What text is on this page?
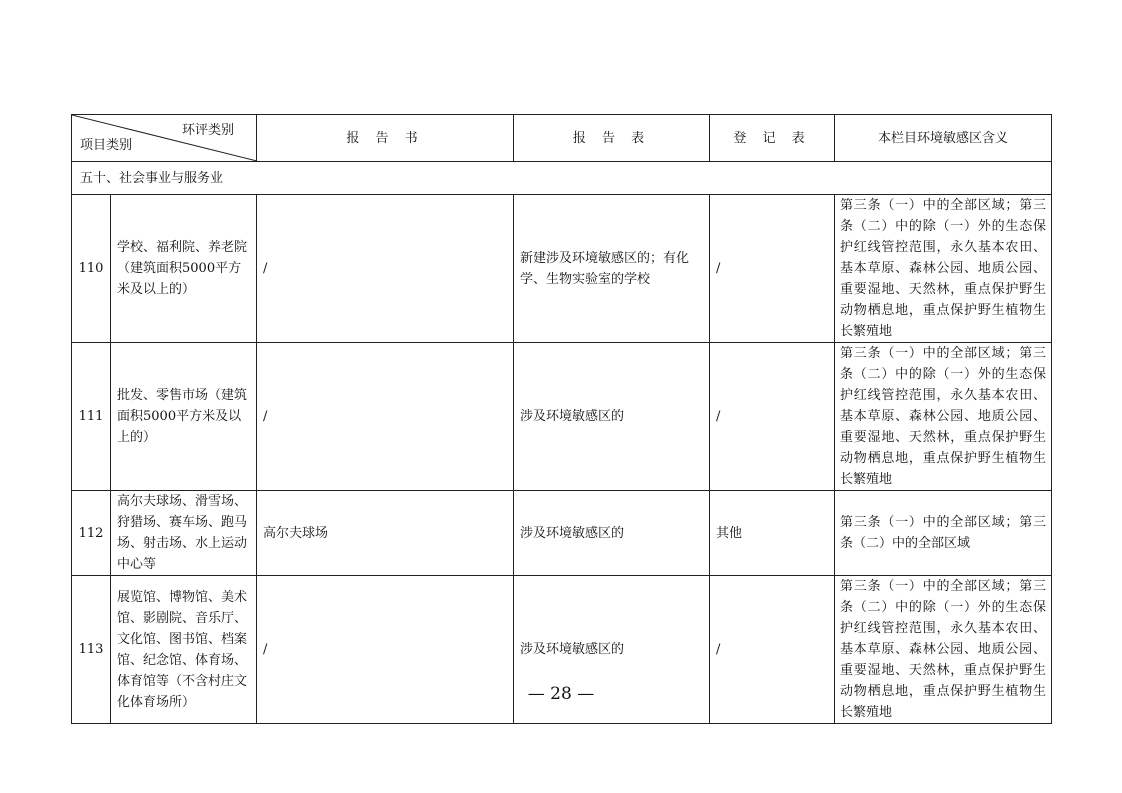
环评类别
项目类别		报 告 书	报 告 表	登 记 表	本栏目环境敏感区含义
五十、社会事业与服务业					
110	学校、福利院、养老院（建筑面积5000平方米及以上的）	/	新建涉及环境敏感区的；有化学、生物实验室的学校	/	第三条（一）中的全部区域；第三条（二）中的除（一）外的生态保护红线管控范围，永久基本农田、基本草原、森林公园、地质公园、重要湿地、天然林，重点保护野生动物栖息地，重点保护野生植物生长繁殖地
111	批发、零售市场（建筑面积5000平方米及以上的）	/	涉及环境敏感区的	/	第三条（一）中的全部区域；第三条（二）中的除（一）外的生态保护红线管控范围，永久基本农田、基本草原、森林公园、地质公园、重要湿地、天然林，重点保护野生动物栖息地，重点保护野生植物生长繁殖地
112	高尔夫球场、滑雪场、狩猎场、赛车场、跑马场、射击场、水上运动中心等	高尔夫球场	涉及环境敏感区的	其他	第三条（一）中的全部区域；第三条（二）中的全部区域
113	展览馆、博物馆、美术馆、影剧院、音乐厅、文化馆、图书馆、档案馆、纪念馆、体育场、体育馆等（不含村庄文化体育场所）	/	涉及环境敏感区的	/	第三条（一）中的全部区域；第三条（二）中的除（一）外的生态保护红线管控范围，永久基本农田、基本草原、森林公园、地质公园、重要湿地、天然林，重点保护野生动物栖息地，重点保护野生植物生长繁殖地
— 28 —
